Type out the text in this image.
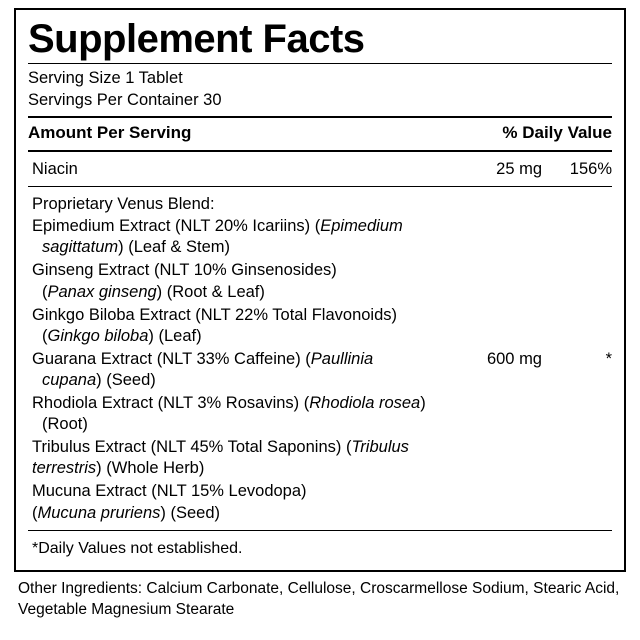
Supplement Facts
Serving Size 1 Tablet
Servings Per Container 30
Amount Per Serving	% Daily Value
Niacin	25 mg	156%
Proprietary Venus Blend:
Epimedium Extract (NLT 20% Icariins) (Epimedium
sagittatum) (Leaf & Stem)
Ginseng Extract (NLT 10% Ginsenosides)
(Panax ginseng) (Root & Leaf)
Ginkgo Biloba Extract (NLT 22% Total Flavonoids)
(Ginkgo biloba) (Leaf)
Guarana Extract (NLT 33% Caffeine) (Paullinia
cupana) (Seed)
Rhodiola Extract (NLT 3% Rosavins) (Rhodiola rosea)
(Root)
Tribulus Extract (NLT 45% Total Saponins) (Tribulus
terrestris) (Whole Herb)
Mucuna Extract (NLT 15% Levodopa)
(Mucuna pruriens) (Seed)
600 mg	*
*Daily Values not established.
Other Ingredients: Calcium Carbonate, Cellulose, Croscarmellose Sodium, Stearic Acid, Vegetable Magnesium Stearate
